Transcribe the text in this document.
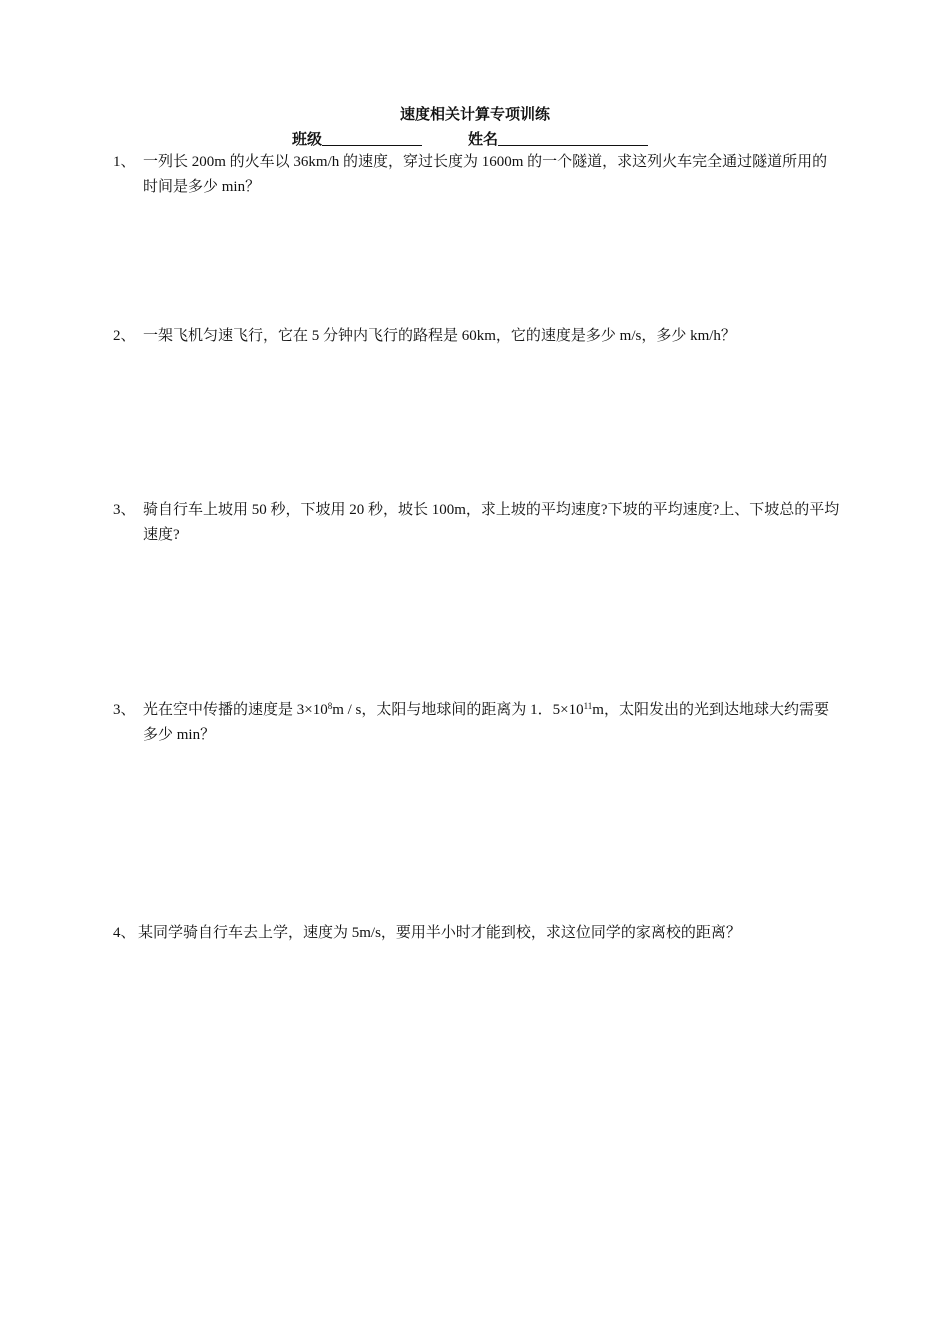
速度相关计算专项训练
班级	姓名
1、 一列长 200m 的火车以 36km/h 的速度，穿过长度为 1600m 的一个隧道，求这列火车完全通过隧道所用的时间是多少 min？
2、 一架飞机匀速飞行，它在 5 分钟内飞行的路程是 60km，它的速度是多少 m/s，多少 km/h？
3、 骑自行车上坡用 50 秒，下坡用 20 秒，坡长 100m，求上坡的平均速度?下坡的平均速度?上、下坡总的平均速度?
3、 光在空中传播的速度是 $3\times 10^8m / s$，太阳与地球间的距离为 1．$5\times 10^{11}m$，太阳发出的光到达地球大约需要多少 min？
4、 某同学骑自行车去上学，速度为 5m/s，要用半小时才能到校，求这位同学的家离校的距离？
